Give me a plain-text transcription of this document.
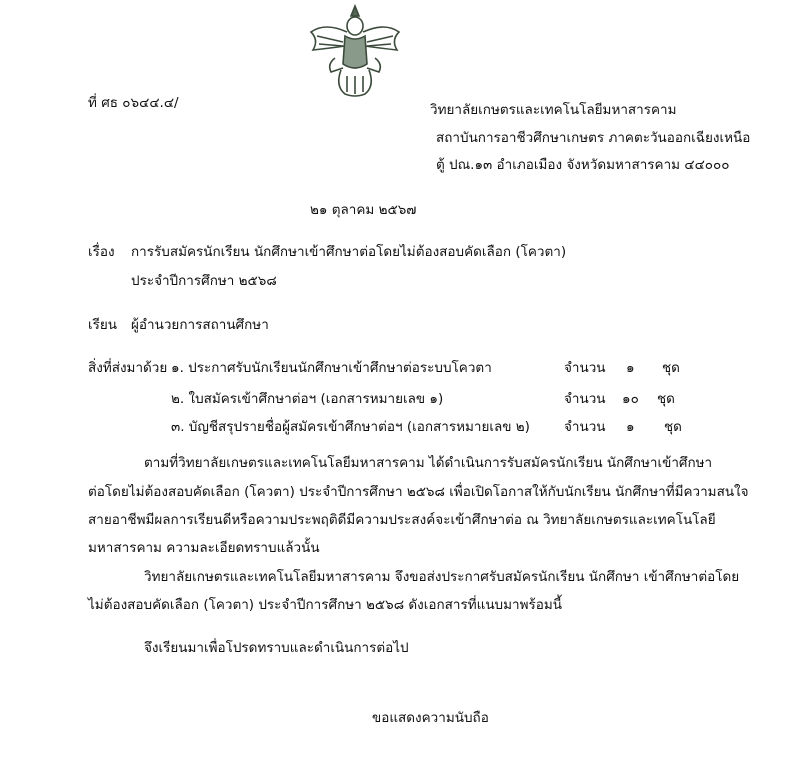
ที่ ศธ ๐๖๔๔.๔/	วิทยาลัยเกษตรและเทคโนโลยีมหาสารคาม
สถาบันการอาชีวศึกษาเกษตร ภาคตะวันออกเฉียงเหนือ
ตู้ ปณ.๑๓ อำเภอเมือง จังหวัดมหาสารคาม ๔๔๐๐๐
๒๑ ตุลาคม ๒๕๖๗
เรื่อง การรับสมัครนักเรียน นักศึกษาเข้าศึกษาต่อโดยไม่ต้องสอบคัดเลือก (โควตา)
ประจำปีการศึกษา ๒๕๖๘
เรียน ผู้อำนวยการสถานศึกษา
สิ่งที่ส่งมาด้วย ๑. ประกาศรับนักเรียนนักศึกษาเข้าศึกษาต่อระบบโควตา	จำนวน ๑ ชุด
๒. ใบสมัครเข้าศึกษาต่อฯ (เอกสารหมายเลข ๑)	จำนวน ๑๐ ชุด
๓. บัญชีสรุปรายชื่อผู้สมัครเข้าศึกษาต่อฯ (เอกสารหมายเลข ๒)	จำนวน ๑ ชุด
ตามที่วิทยาลัยเกษตรและเทคโนโลยีมหาสารคาม ได้ดำเนินการรับสมัครนักเรียน นักศึกษาเข้าศึกษา
ต่อโดยไม่ต้องสอบคัดเลือก (โควตา) ประจำปีการศึกษา ๒๕๖๘ เพื่อเปิดโอกาสให้กับนักเรียน นักศึกษาที่มีความสนใจ
สายอาชีพมีผลการเรียนดีหรือความประพฤติดีมีความประสงค์จะเข้าศึกษาต่อ ณ วิทยาลัยเกษตรและเทคโนโลยี
มหาสารคาม ความละเอียดทราบแล้วนั้น
วิทยาลัยเกษตรและเทคโนโลยีมหาสารคาม จึงขอส่งประกาศรับสมัครนักเรียน นักศึกษา เข้าศึกษาต่อโดย
ไม่ต้องสอบคัดเลือก (โควตา) ประจำปีการศึกษา ๒๕๖๘ ดังเอกสารที่แนบมาพร้อมนี้
จึงเรียนมาเพื่อโปรดทราบและดำเนินการต่อไป
ขอแสดงความนับถือ
